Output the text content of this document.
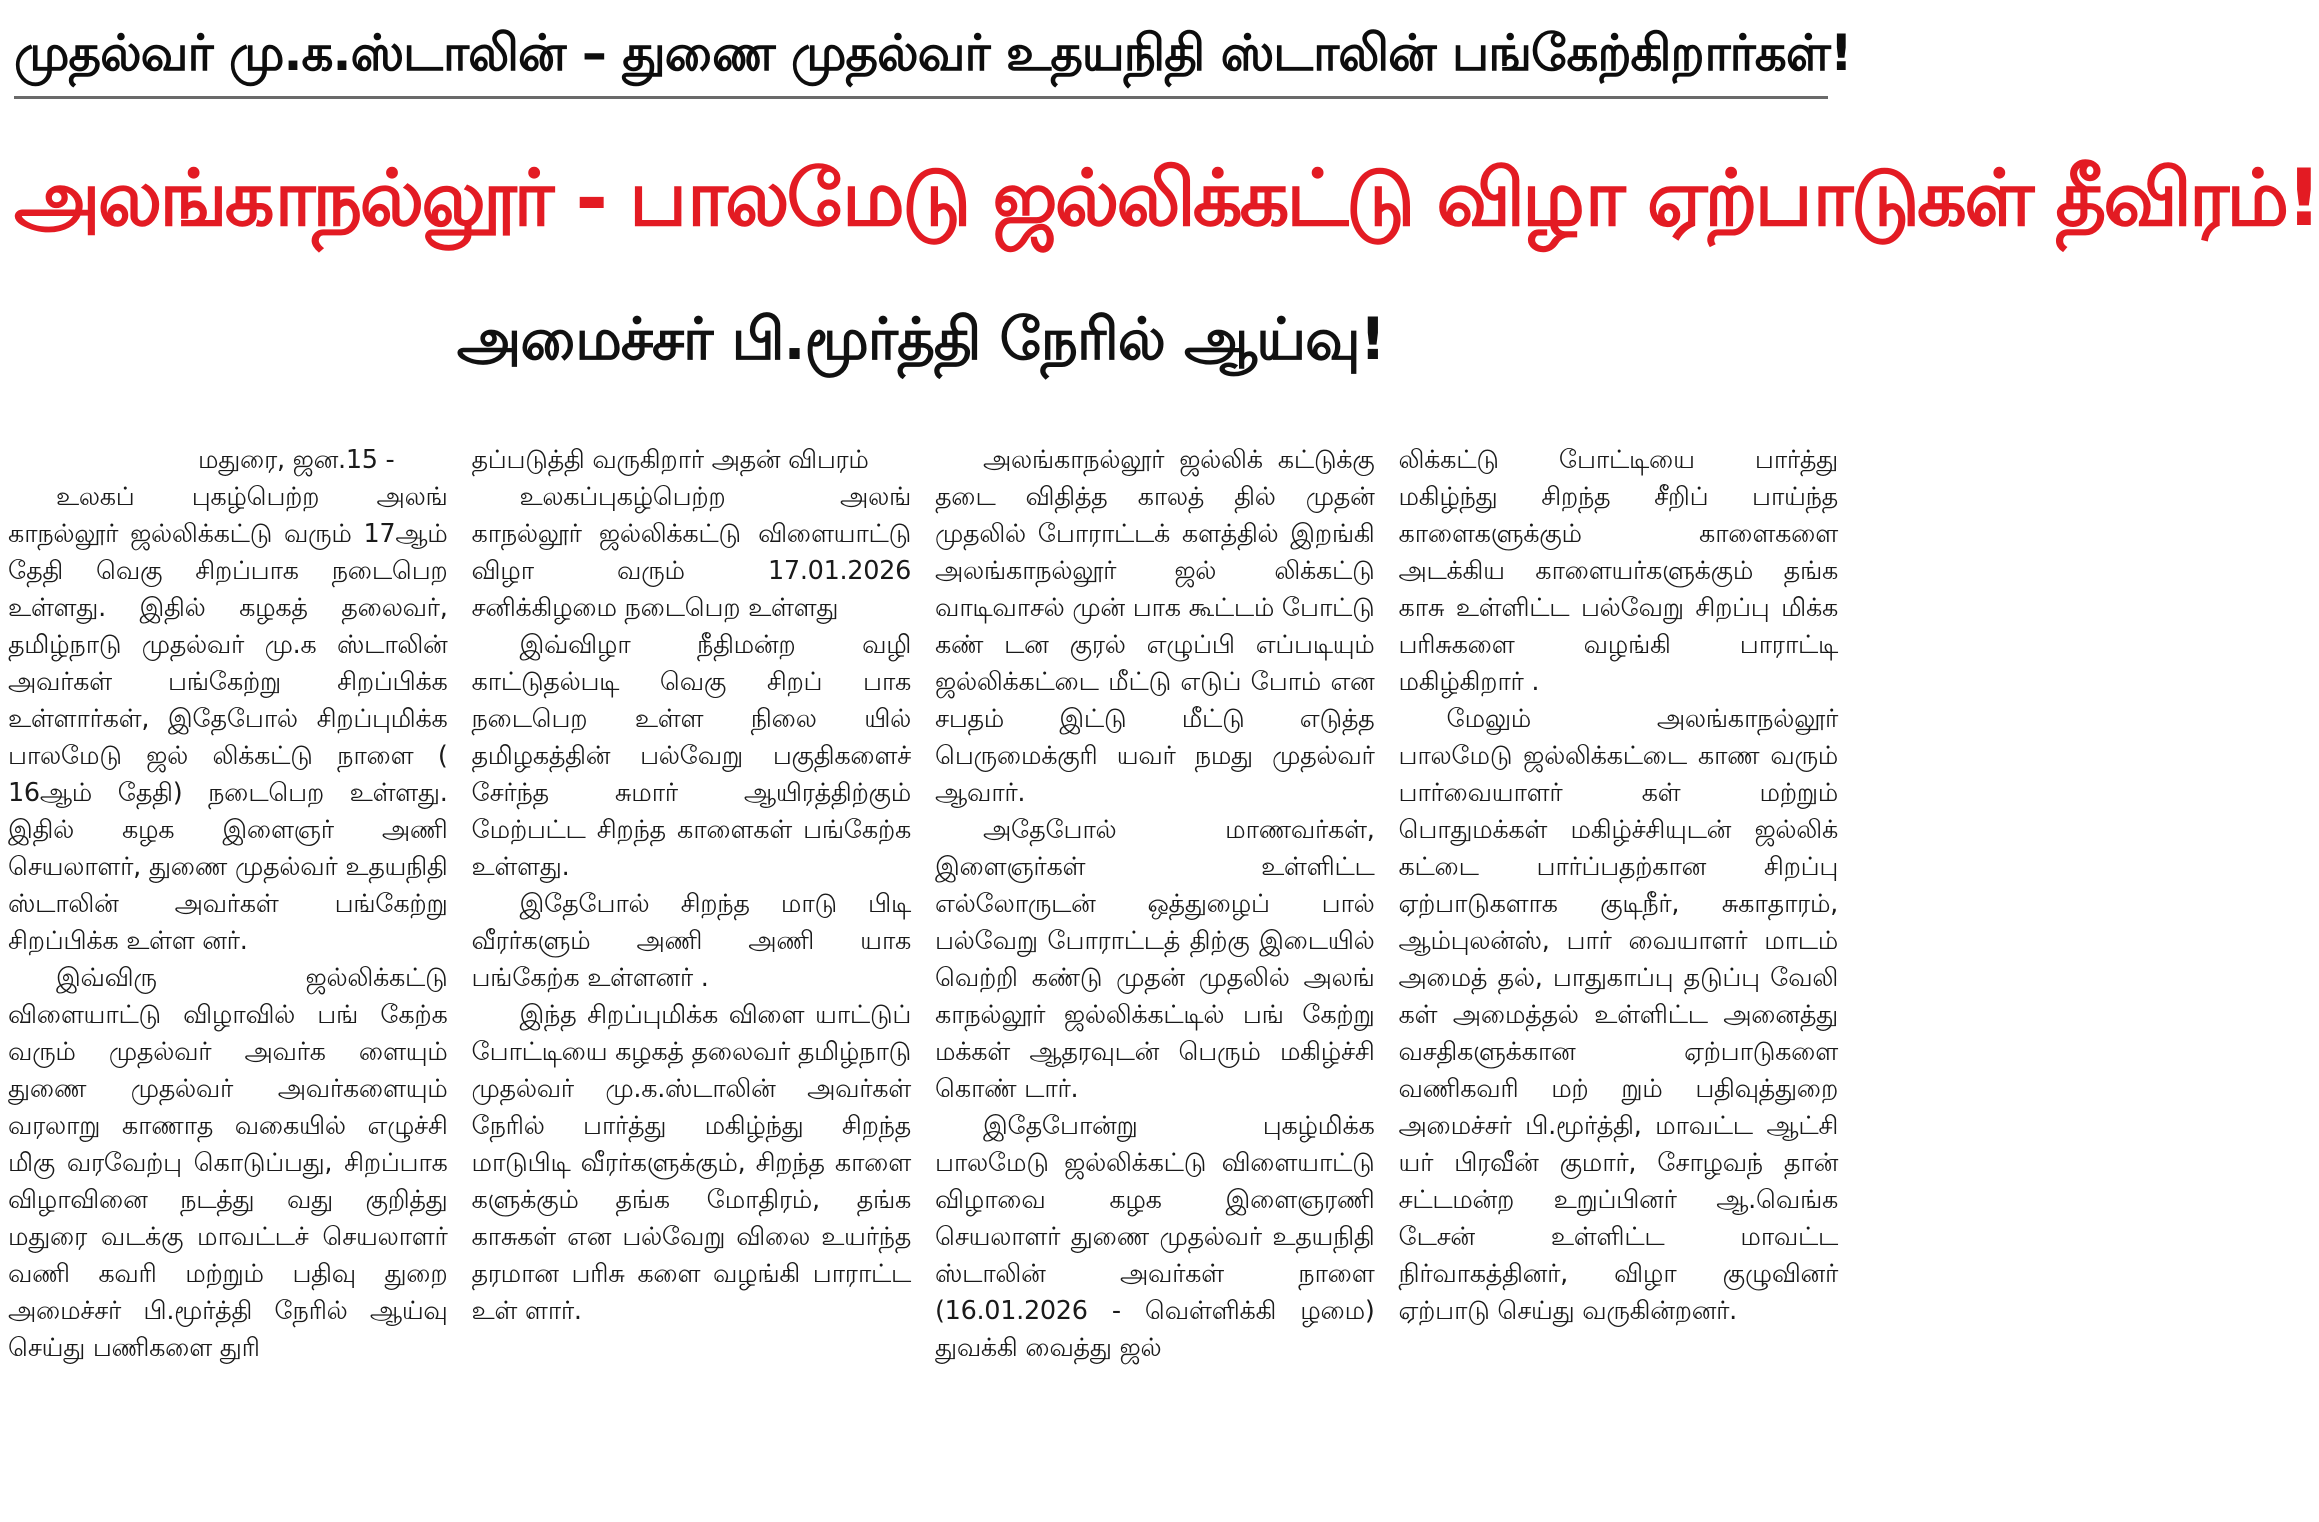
முதல்வர் மு.க.ஸ்டாலின் – துணை முதல்வர் உதயநிதி ஸ்டாலின் பங்கேற்கிறார்கள்!
அலங்காநல்லூர் - பாலமேடு ஜல்லிக்கட்டு விழா ஏற்பாடுகள் தீவிரம்!
அமைச்சர் பி.மூர்த்தி நேரில் ஆய்வு!

மதுரை, ஜன.15 -

உலகப் புகழ்பெற்ற அலங் காநல்லூர் ஜல்லிக்கட்டு வரும் 17ஆம் தேதி வெகு சிறப்பாக நடைபெற உள்ளது. இதில் கழகத் தலைவர், தமிழ்நாடு முதல்வர் மு.க ஸ்டாலின் அவர்கள் பங்கேற்று சிறப்பிக்க உள்ளார்கள், இதேபோல் சிறப்புமிக்க பாலமேடு ஜல் லிக்கட்டு நாளை ( 16ஆம் தேதி) நடைபெற உள்ளது. இதில் கழக இளைஞர் அணி செயலாளர், துணை முதல்வர் உதயநிதி ஸ்டாலின் அவர்கள் பங்கேற்று சிறப்பிக்க உள்ள னர்.

இவ்விரு ஜல்லிக்கட்டு விளையாட்டு விழாவில் பங் கேற்க வரும் முதல்வர் அவர்க ளையும் துணை முதல்வர் அவர்களையும் வரலாறு காணாத வகையில் எழுச்சி மிகு வரவேற்பு கொடுப்பது, சிறப்பாக விழாவினை நடத்து வது குறித்து மதுரை வடக்கு மாவட்டச் செயலாளர் வணி கவரி மற்றும் பதிவு துறை அமைச்சர் பி.மூர்த்தி நேரில் ஆய்வு செய்து பணிகளை துரி

தப்படுத்தி வருகிறார் அதன் விபரம்

உலகப்புகழ்பெற்ற அலங் காநல்லூர் ஜல்லிக்கட்டு விளையாட்டு விழா வரும் 17.01.2026 சனிக்கிழமை நடைபெற உள்ளது

இவ்விழா நீதிமன்ற வழி காட்டுதல்படி வெகு சிறப் பாக நடைபெற உள்ள நிலை யில் தமிழகத்தின் பல்வேறு பகுதிகளைச் சேர்ந்த சுமார் ஆயிரத்திற்கும் மேற்பட்ட சிறந்த காளைகள் பங்கேற்க உள்ளது.

இதேபோல் சிறந்த மாடு பிடி வீரர்களும் அணி அணி யாக பங்கேற்க உள்ளனர் .

இந்த சிறப்புமிக்க விளை யாட்டுப் போட்டியை கழகத் தலைவர் தமிழ்நாடு முதல்வர் மு.க.ஸ்டாலின் அவர்கள் நேரில் பார்த்து மகிழ்ந்து சிறந்த மாடுபிடி வீரர்களுக்கும், சிறந்த காளை களுக்கும் தங்க மோதிரம், தங்க காசுகள் என பல்வேறு விலை உயர்ந்த தரமான பரிசு களை வழங்கி பாராட்ட உள் ளார்.

அலங்காநல்லூர் ஜல்லிக் கட்டுக்கு தடை விதித்த காலத் தில் முதன் முதலில் போராட்டக் களத்தில் இறங்கி அலங்காநல்லூர் ஜல் லிக்கட்டு வாடிவாசல் முன் பாக கூட்டம் போட்டு கண் டன குரல் எழுப்பி எப்படியும் ஜல்லிக்கட்டை மீட்டு எடுப் போம் என சபதம் இட்டு மீட்டு எடுத்த பெருமைக்குரி யவர் நமது முதல்வர் ஆவார்.

அதேபோல் மாணவர்கள், இளைஞர்கள் உள்ளிட்ட எல்லோருடன் ஒத்துழைப் பால் பல்வேறு போராட்டத் திற்கு இடையில் வெற்றி கண்டு முதன் முதலில் அலங் காநல்லூர் ஜல்லிக்கட்டில் பங் கேற்று மக்கள் ஆதரவுடன் பெரும் மகிழ்ச்சி கொண் டார்.

இதேபோன்று புகழ்மிக்க பாலமேடு ஜல்லிக்கட்டு விளையாட்டு விழாவை கழக இளைஞரணி செயலாளர் துணை முதல்வர் உதயநிதி ஸ்டாலின் அவர்கள் நாளை (16.01.2026 - வெள்ளிக்கி ழமை) துவக்கி வைத்து ஜல்

லிக்கட்டு போட்டியை பார்த்து மகிழ்ந்து சிறந்த சீறிப் பாய்ந்த காளைகளுக்கும் காளைகளை அடக்கிய காளையர்களுக்கும் தங்க காசு உள்ளிட்ட பல்வேறு சிறப்பு மிக்க பரிசுகளை வழங்கி பாராட்டி மகிழ்கிறார் .

மேலும் அலங்காநல்லூர் பாலமேடு ஜல்லிக்கட்டை காண வரும் பார்வையாளர் கள் மற்றும் பொதுமக்கள் மகிழ்ச்சியுடன் ஜல்லிக் கட்டை பார்ப்பதற்கான சிறப்பு ஏற்பாடுகளாக குடிநீர், சுகாதாரம், ஆம்புலன்ஸ், பார் வையாளர் மாடம் அமைத் தல், பாதுகாப்பு தடுப்பு வேலி கள் அமைத்தல் உள்ளிட்ட அனைத்து வசதிகளுக்கான ஏற்பாடுகளை வணிகவரி மற் றும் பதிவுத்துறை அமைச்சர் பி.மூர்த்தி, மாவட்ட ஆட்சி யர் பிரவீன் குமார், சோழவந் தான் சட்டமன்ற உறுப்பினர் ஆ.வெங்க டேசன் உள்ளிட்ட மாவட்ட நிர்வாகத்தினர், விழா குழுவினர் ஏற்பாடு செய்து வருகின்றனர்.
